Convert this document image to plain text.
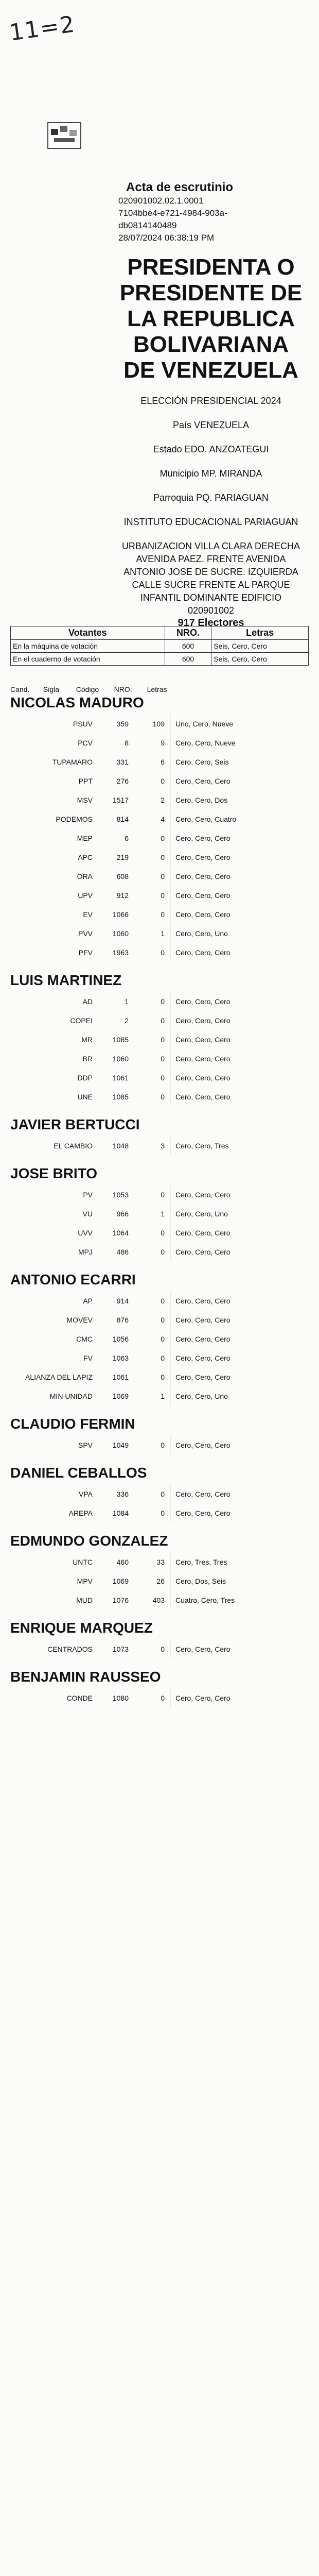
11=2
Acta de escrutinio
020901002.02.1.0001
7104bbe4-e721-4984-903a-
db0814140489
28/07/2024 06:38:19 PM
PRESIDENTA O PRESIDENTE DE LA REPUBLICA BOLIVARIANA DE VENEZUELA
ELECCIÓN PRESIDENCIAL 2024
País VENEZUELA
Estado EDO. ANZOATEGUI
Municipio MP. MIRANDA
Parroquia PQ. PARIAGUAN
INSTITUTO EDUCACIONAL PARIAGUAN
URBANIZACION VILLA CLARA DERECHA AVENIDA PAEZ. FRENTE AVENIDA ANTONIO JOSE DE SUCRE. IZQUIERDA CALLE SUCRE FRENTE AL PARQUE INFANTIL DOMINANTE EDIFICIO
020901002
917 Electores
Votantes	NRO.	Letras
En la máquina de votación	600	Seis, Cero, Cero
En el cuaderno de votación	600	Seis, Cero, Cero
Cand. Sigla Código NRO. Letras
NICOLAS MADURO
PSUV	359	109	Uno, Cero, Nueve
PCV	8	9	Cero, Cero, Nueve
TUPAMARO	331	6	Cero, Cero, Seis
PPT	276	0	Cero, Cero, Cero
MSV	1517	2	Cero, Cero, Dos
PODEMOS	814	4	Cero, Cero, Cuatro
MEP	6	0	Cero, Cero, Cero
APC	219	0	Cero, Cero, Cero
ORA	608	0	Cero, Cero, Cero
UPV	912	0	Cero, Cero, Cero
EV	1066	0	Cero, Cero, Cero
PVV	1060	1	Cero, Cero, Uno
PFV	1963	0	Cero, Cero, Cero
LUIS MARTINEZ
AD	1	0	Cero, Cero, Cero
COPEI	2	0	Cero, Cero, Cero
MR	1085	0	Cero, Cero, Cero
BR	1060	0	Cero, Cero, Cero
DDP	1061	0	Cero, Cero, Cero
UNE	1085	0	Cero, Cero, Cero
JAVIER BERTUCCI
EL CAMBIO	1048	3	Cero, Cero, Tres
JOSE BRITO
PV	1053	0	Cero, Cero, Cero
VU	966	1	Cero, Cero, Uno
UVV	1064	0	Cero, Cero, Cero
MPJ	486	0	Cero, Cero, Cero
ANTONIO ECARRI
AP	914	0	Cero, Cero, Cero
MOVEV	876	0	Cero, Cero, Cero
CMC	1056	0	Cero, Cero, Cero
FV	1063	0	Cero, Cero, Cero
ALIANZA DEL LAPIZ	1061	0	Cero, Cero, Cero
MIN UNIDAD	1069	1	Cero, Cero, Uno
CLAUDIO FERMIN
SPV	1049	0	Cero, Cero, Cero
DANIEL CEBALLOS
VPA	336	0	Cero, Cero, Cero
AREPA	1084	0	Cero, Cero, Cero
EDMUNDO GONZALEZ
UNTC	460	33	Cero, Tres, Tres
MPV	1069	26	Cero, Dos, Seis
MUD	1076	403	Cuatro, Cero, Tres
ENRIQUE MARQUEZ
CENTRADOS	1073	0	Cero, Cero, Cero
BENJAMIN RAUSSEO
CONDE	1080	0	Cero, Cero, Cero
